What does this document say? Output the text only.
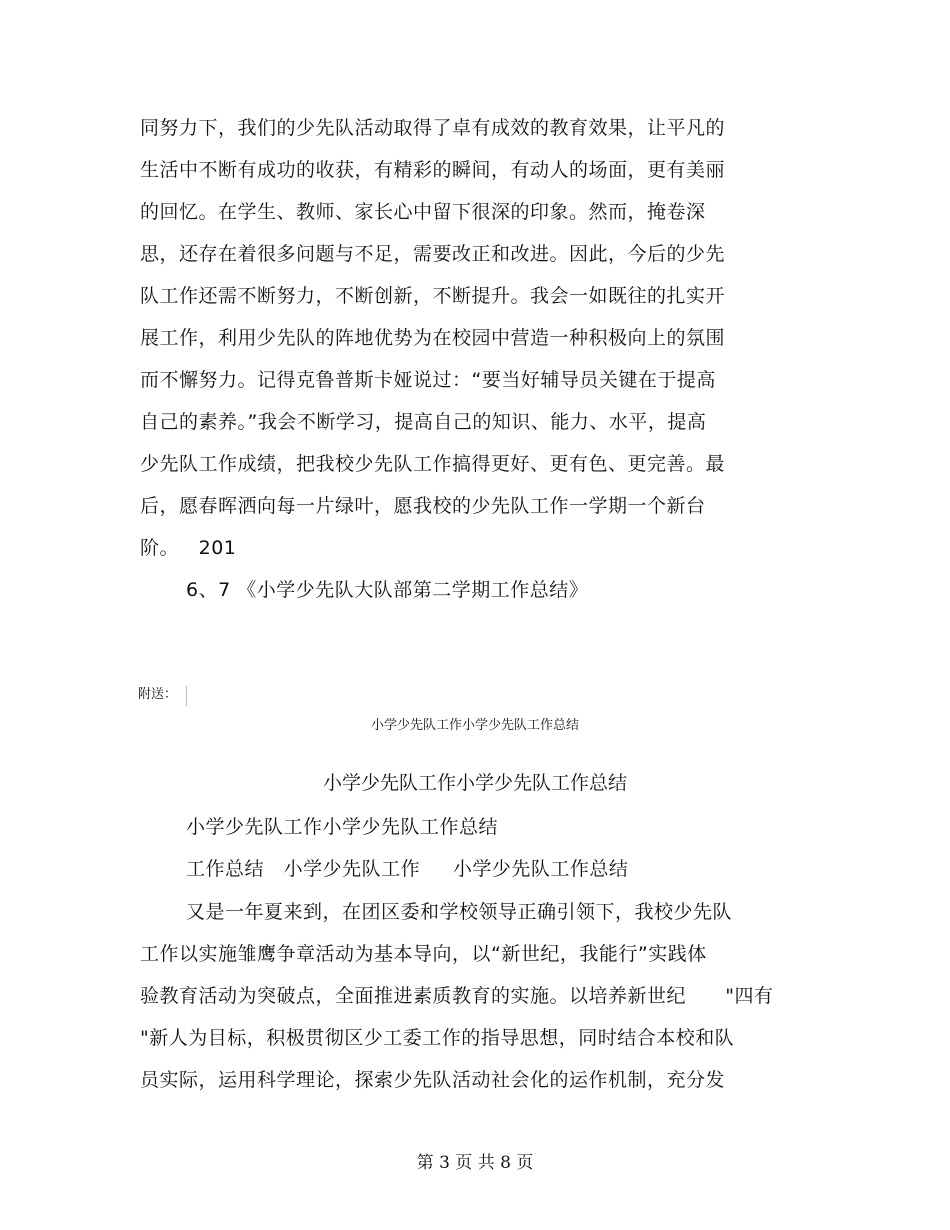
同努力下，我们的少先队活动取得了卓有成效的教育效果，让平凡的
生活中不断有成功的收获，有精彩的瞬间，有动人的场面，更有美丽
的回忆。在学生、教师、家长心中留下很深的印象。然而，掩卷深
思，还存在着很多问题与不足，需要改正和改进。因此，今后的少先
队工作还需不断努力，不断创新，不断提升。我会一如既往的扎实开
展工作，利用少先队的阵地优势为在校园中营造一种积极向上的氛围
而不懈努力。记得克鲁普斯卡娅说过：“要当好辅导员关键在于提高
自己的素养。”我会不断学习，提高自己的知识、能力、水平，提高
少先队工作成绩，把我校少先队工作搞得更好、更有色、更完善。最
后，愿春晖洒向每一片绿叶，愿我校的少先队工作一学期一个新台
阶。   201
6、7 《小学少先队大队部第二学期工作总结》
附送：
小学少先队工作小学少先队工作总结
小学少先队工作小学少先队工作总结
小学少先队工作小学少先队工作总结
工作总结   小学少先队工作     小学少先队工作总结
又是一年夏来到，在团区委和学校领导正确引领下，我校少先队
工作以实施雏鹰争章活动为基本导向，以“新世纪，我能行”实践体
验教育活动为突破点，全面推进素质教育的实施。以培养新世纪      "四有
"新人为目标，积极贯彻区少工委工作的指导思想，同时结合本校和队
员实际，运用科学理论，探索少先队活动社会化的运作机制，充分发
第 3 页 共 8 页
